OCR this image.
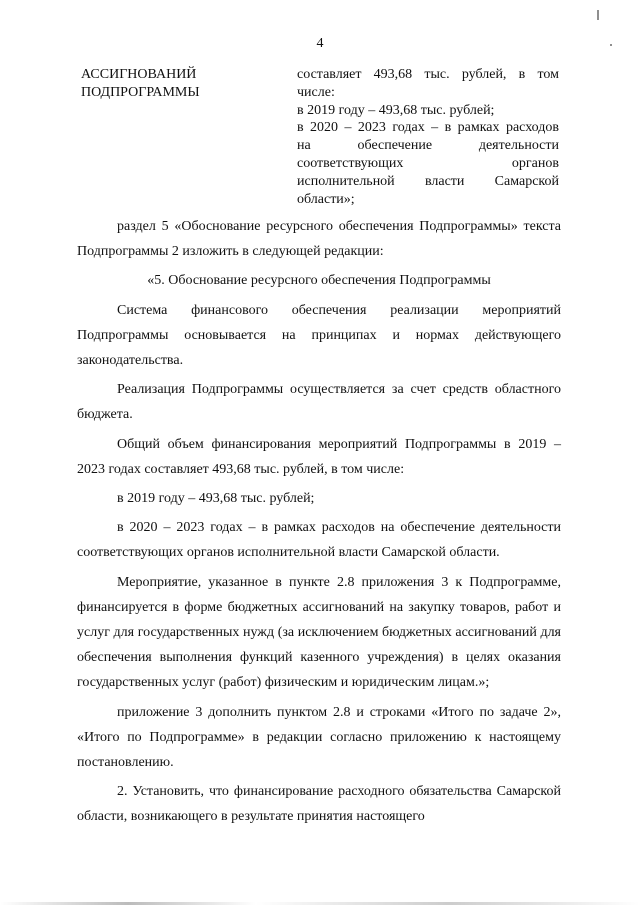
4
АССИГНОВАНИЙ
ПОДПРОГРАММЫ
составляет 493,68 тыс. рублей, в том
числе:
в 2019 году – 493,68 тыс. рублей;
в 2020 – 2023 годах – в рамках расходов
на обеспечение деятельности
соответствующих органов
исполнительной власти Самарской
области»;

раздел 5 «Обоснование ресурсного обеспечения Подпрограммы» текста Подпрограммы 2 изложить в следующей редакции:

«5. Обоснование ресурсного обеспечения Подпрограммы

Система финансового обеспечения реализации мероприятий Подпрограммы основывается на принципах и нормах действующего законодательства.

Реализация Подпрограммы осуществляется за счет средств областного бюджета.

Общий объем финансирования мероприятий Подпрограммы в 2019 – 2023 годах составляет 493,68 тыс. рублей, в том числе:

в 2019 году – 493,68 тыс. рублей;

в 2020 – 2023 годах – в рамках расходов на обеспечение деятельности соответствующих органов исполнительной власти Самарской области.

Мероприятие, указанное в пункте 2.8 приложения 3 к Подпрограмме, финансируется в форме бюджетных ассигнований на закупку товаров, работ и услуг для государственных нужд (за исключением бюджетных ассигнований для обеспечения выполнения функций казенного учреждения) в целях оказания государственных услуг (работ) физическим и юридическим лицам.»;

приложение 3 дополнить пунктом 2.8 и строками «Итого по задаче 2», «Итого по Подпрограмме» в редакции согласно приложению к настоящему постановлению.

2. Установить, что финансирование расходного обязательства Самарской области, возникающего в результате принятия настоящего
